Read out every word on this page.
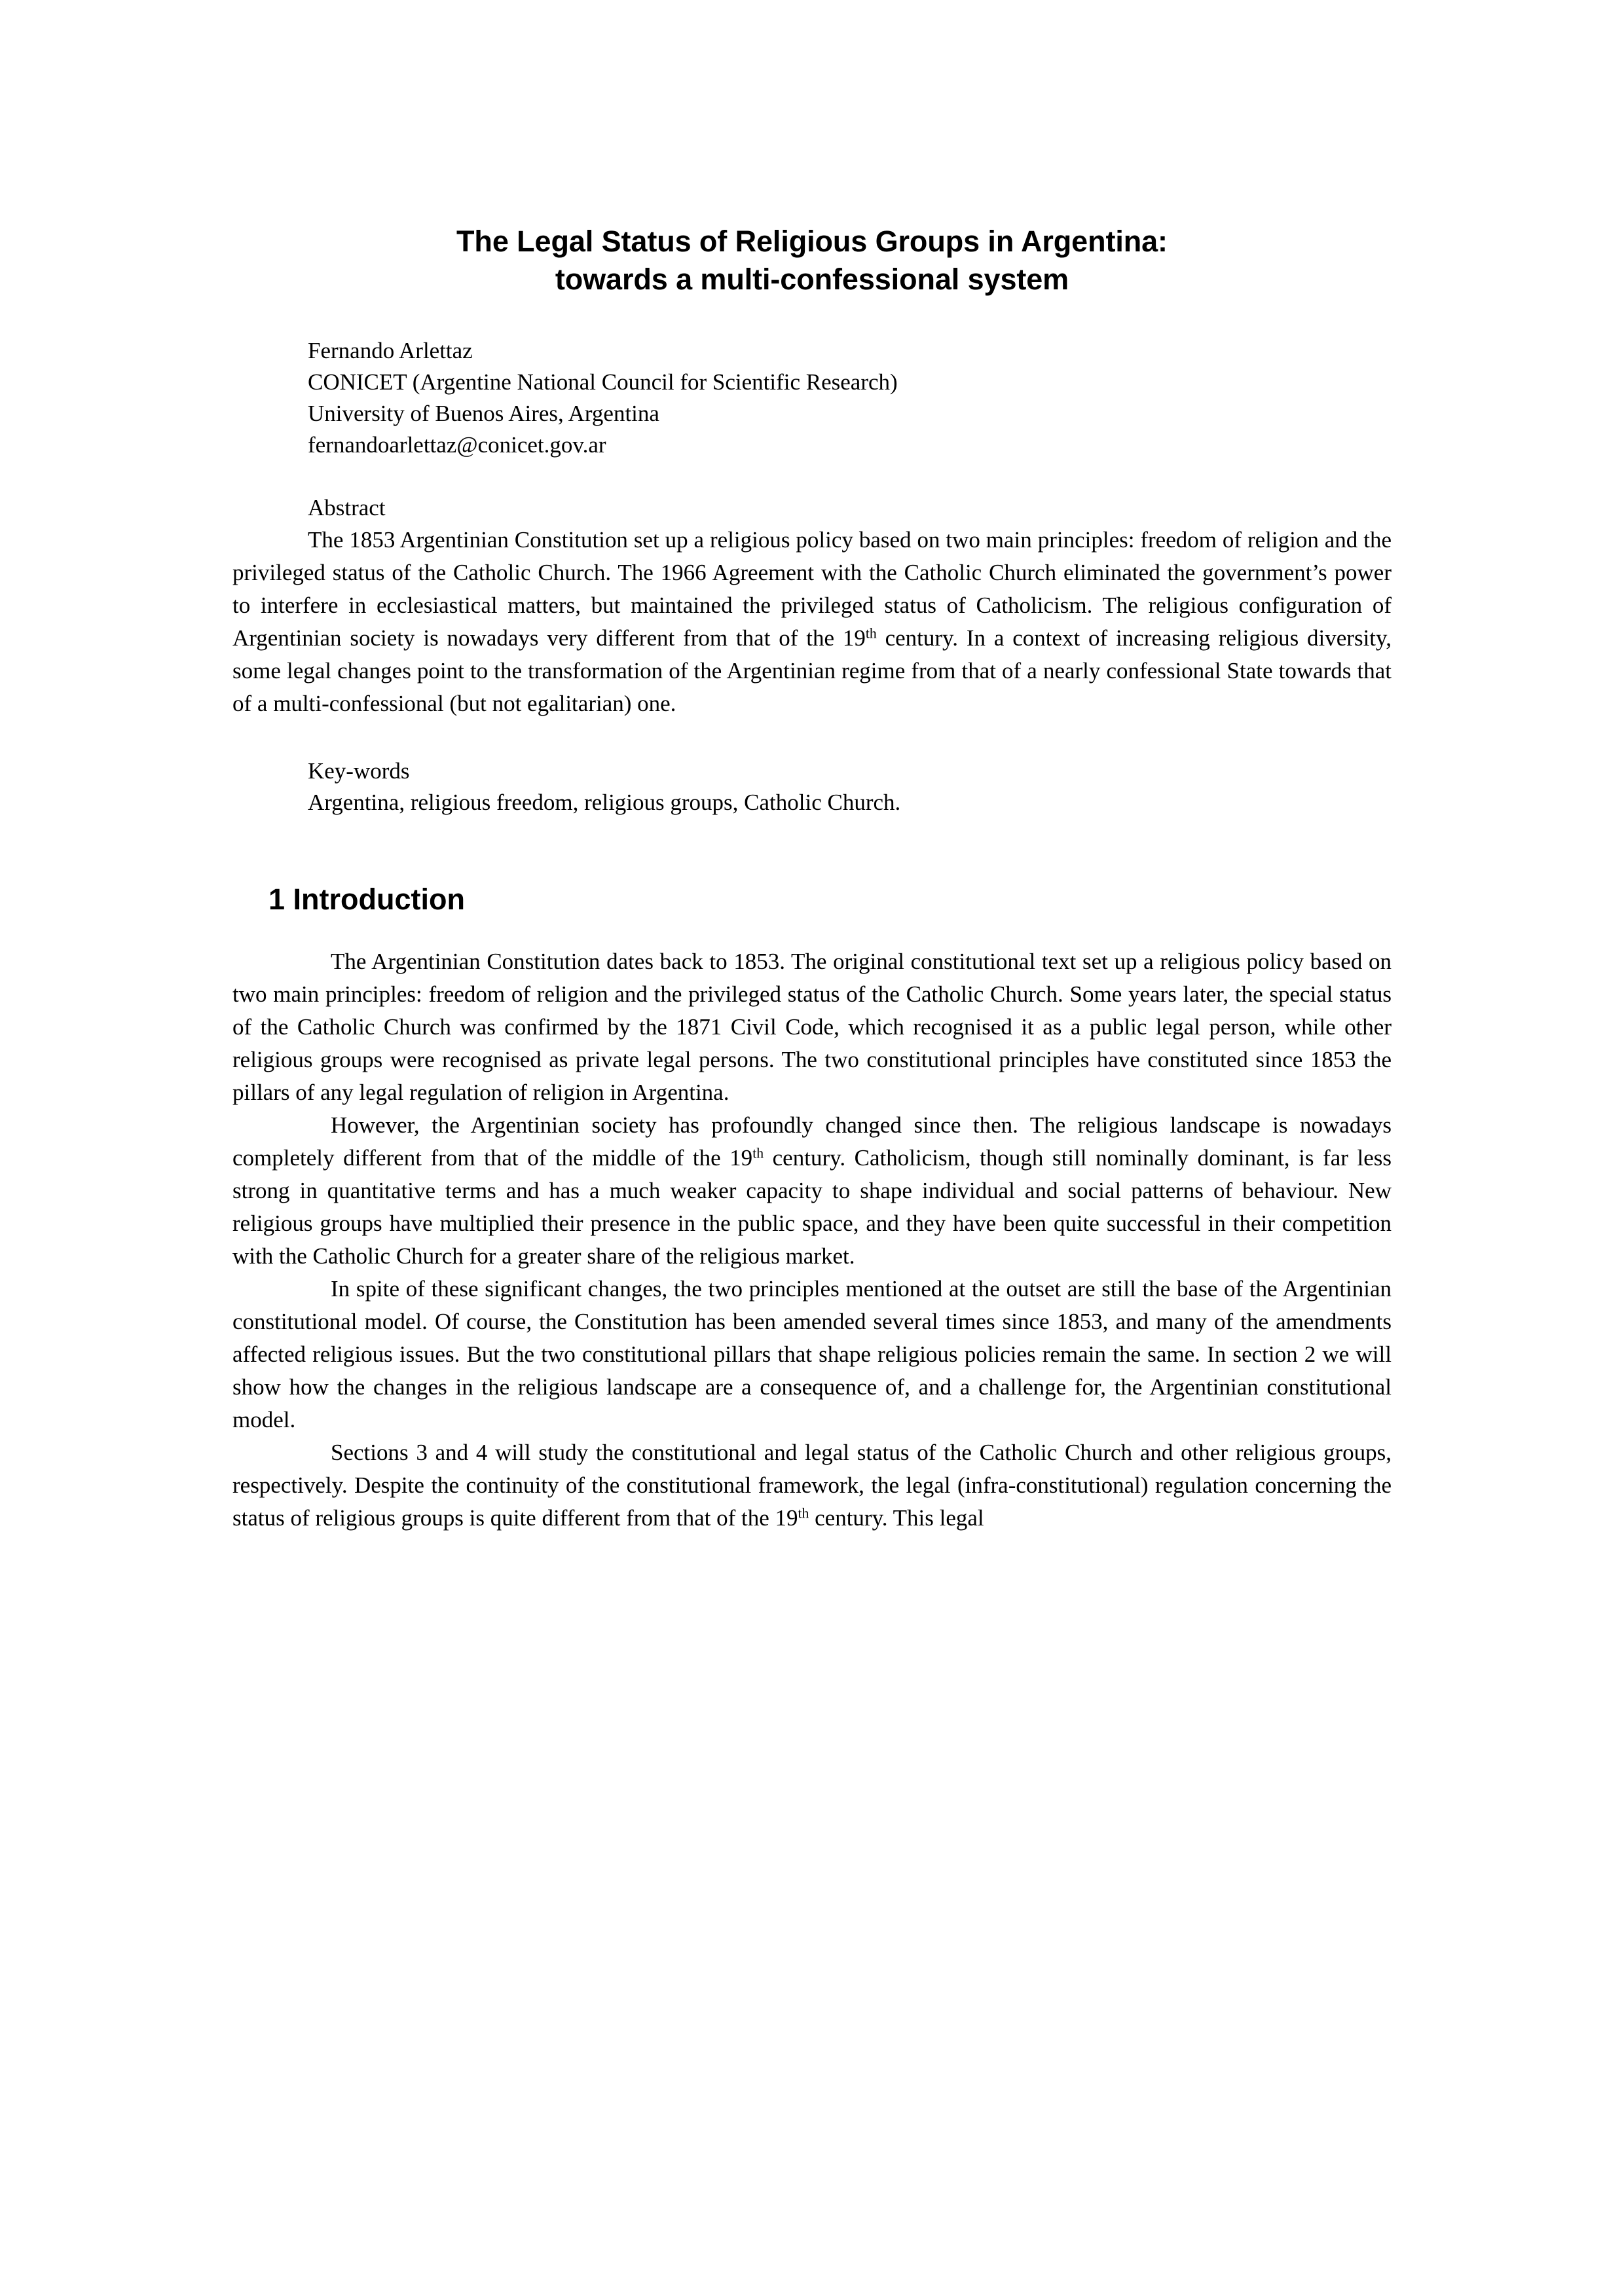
The Legal Status of Religious Groups in Argentina:
towards a multi-confessional system
Fernando Arlettaz
CONICET (Argentine National Council for Scientific Research)
University of Buenos Aires, Argentina
fernandoarlettaz@conicet.gov.ar
Abstract

The 1853 Argentinian Constitution set up a religious policy based on two main principles: freedom of religion and the privileged status of the Catholic Church. The 1966 Agreement with the Catholic Church eliminated the government’s power to interfere in ecclesiastical matters, but maintained the privileged status of Catholicism. The religious configuration of Argentinian society is nowadays very different from that of the 19th century. In a context of increasing religious diversity, some legal changes point to the transformation of the Argentinian regime from that of a nearly confessional State towards that of a multi-confessional (but not egalitarian) one.

Key-words
Argentina, religious freedom, religious groups, Catholic Church.
1 Introduction

The Argentinian Constitution dates back to 1853. The original constitutional text set up a religious policy based on two main principles: freedom of religion and the privileged status of the Catholic Church. Some years later, the special status of the Catholic Church was confirmed by the 1871 Civil Code, which recognised it as a public legal person, while other religious groups were recognised as private legal persons. The two constitutional principles have constituted since 1853 the pillars of any legal regulation of religion in Argentina.

However, the Argentinian society has profoundly changed since then. The religious landscape is nowadays completely different from that of the middle of the 19th century. Catholicism, though still nominally dominant, is far less strong in quantitative terms and has a much weaker capacity to shape individual and social patterns of behaviour. New religious groups have multiplied their presence in the public space, and they have been quite successful in their competition with the Catholic Church for a greater share of the religious market.

In spite of these significant changes, the two principles mentioned at the outset are still the base of the Argentinian constitutional model. Of course, the Constitution has been amended several times since 1853, and many of the amendments affected religious issues. But the two constitutional pillars that shape religious policies remain the same. In section 2 we will show how the changes in the religious landscape are a consequence of, and a challenge for, the Argentinian constitutional model.

Sections 3 and 4 will study the constitutional and legal status of the Catholic Church and other religious groups, respectively. Despite the continuity of the constitutional framework, the legal (infra-constitutional) regulation concerning the status of religious groups is quite different from that of the 19th century. This legal
